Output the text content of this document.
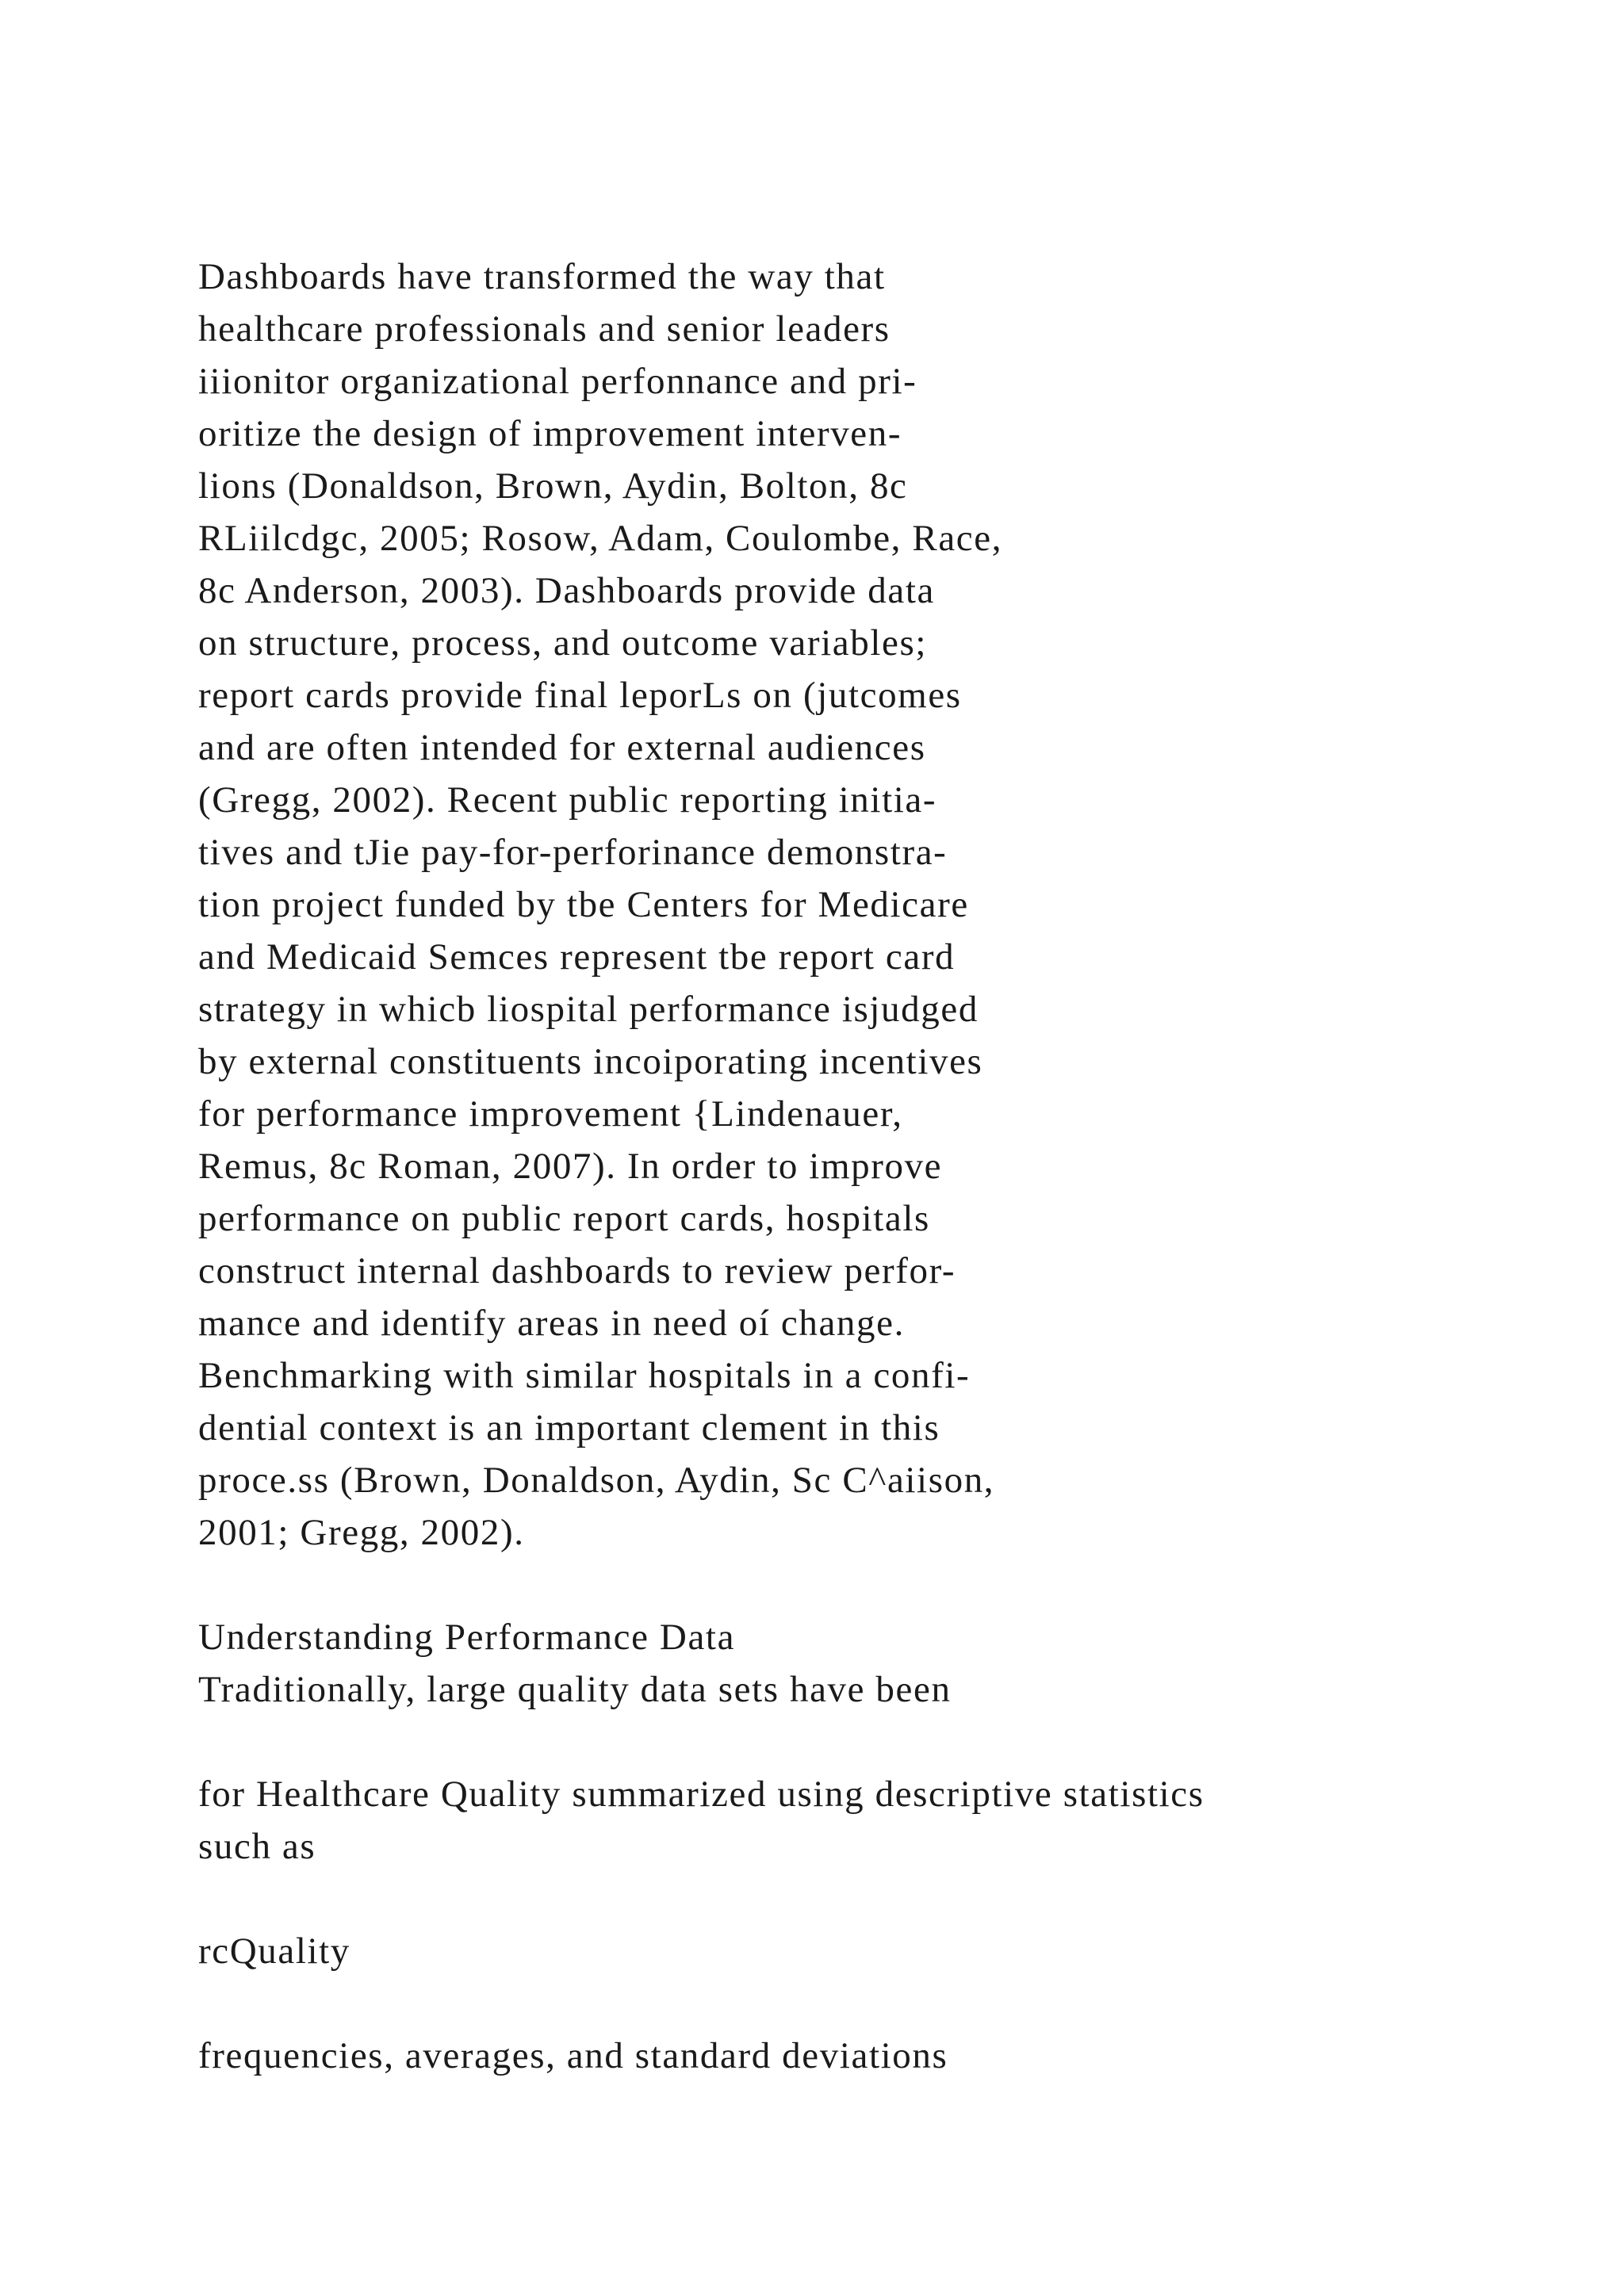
Dashboards have transformed the way that
healthcare professionals and senior leaders
iiionitor organizational perfonnance and pri-
oritize the design of improvement interven-
lions (Donaldson, Brown, Aydin, Bolton, 8c
RLiilcdgc, 2005; Rosow, Adam, Coulombe, Race,
8c Anderson, 2003). Dashboards provide data
on structure, process, and outcome variables;
report cards provide final leporLs on (jutcomes
and are often intended for external audiences
(Gregg, 2002). Recent public reporting initia-
tives and tJie pay-for-perforinance demonstra-
tion project funded by tbe Centers for Medicare
and Medicaid Semces represent tbe report card
strategy in whicb liospital performance isjudged
by external constituents incoiporating incentives
for performance improvement {Lindenauer,
Remus, 8c Roman, 2007). In order to improve
performance on public report cards, hospitals
construct internal dashboards to review perfor-
mance and identify areas in need oí change.
Benchmarking with similar hospitals in a confi-
dential context is an important clement in this
proce.ss (Brown, Donaldson, Aydin, Sc C^aiison,
2001; Gregg, 2002).
Understanding Performance Data
Traditionally, large quality data sets have been
for Healthcare Quality summarized using descriptive statistics
such as
rcQuality
frequencies, averages, and standard deviations
